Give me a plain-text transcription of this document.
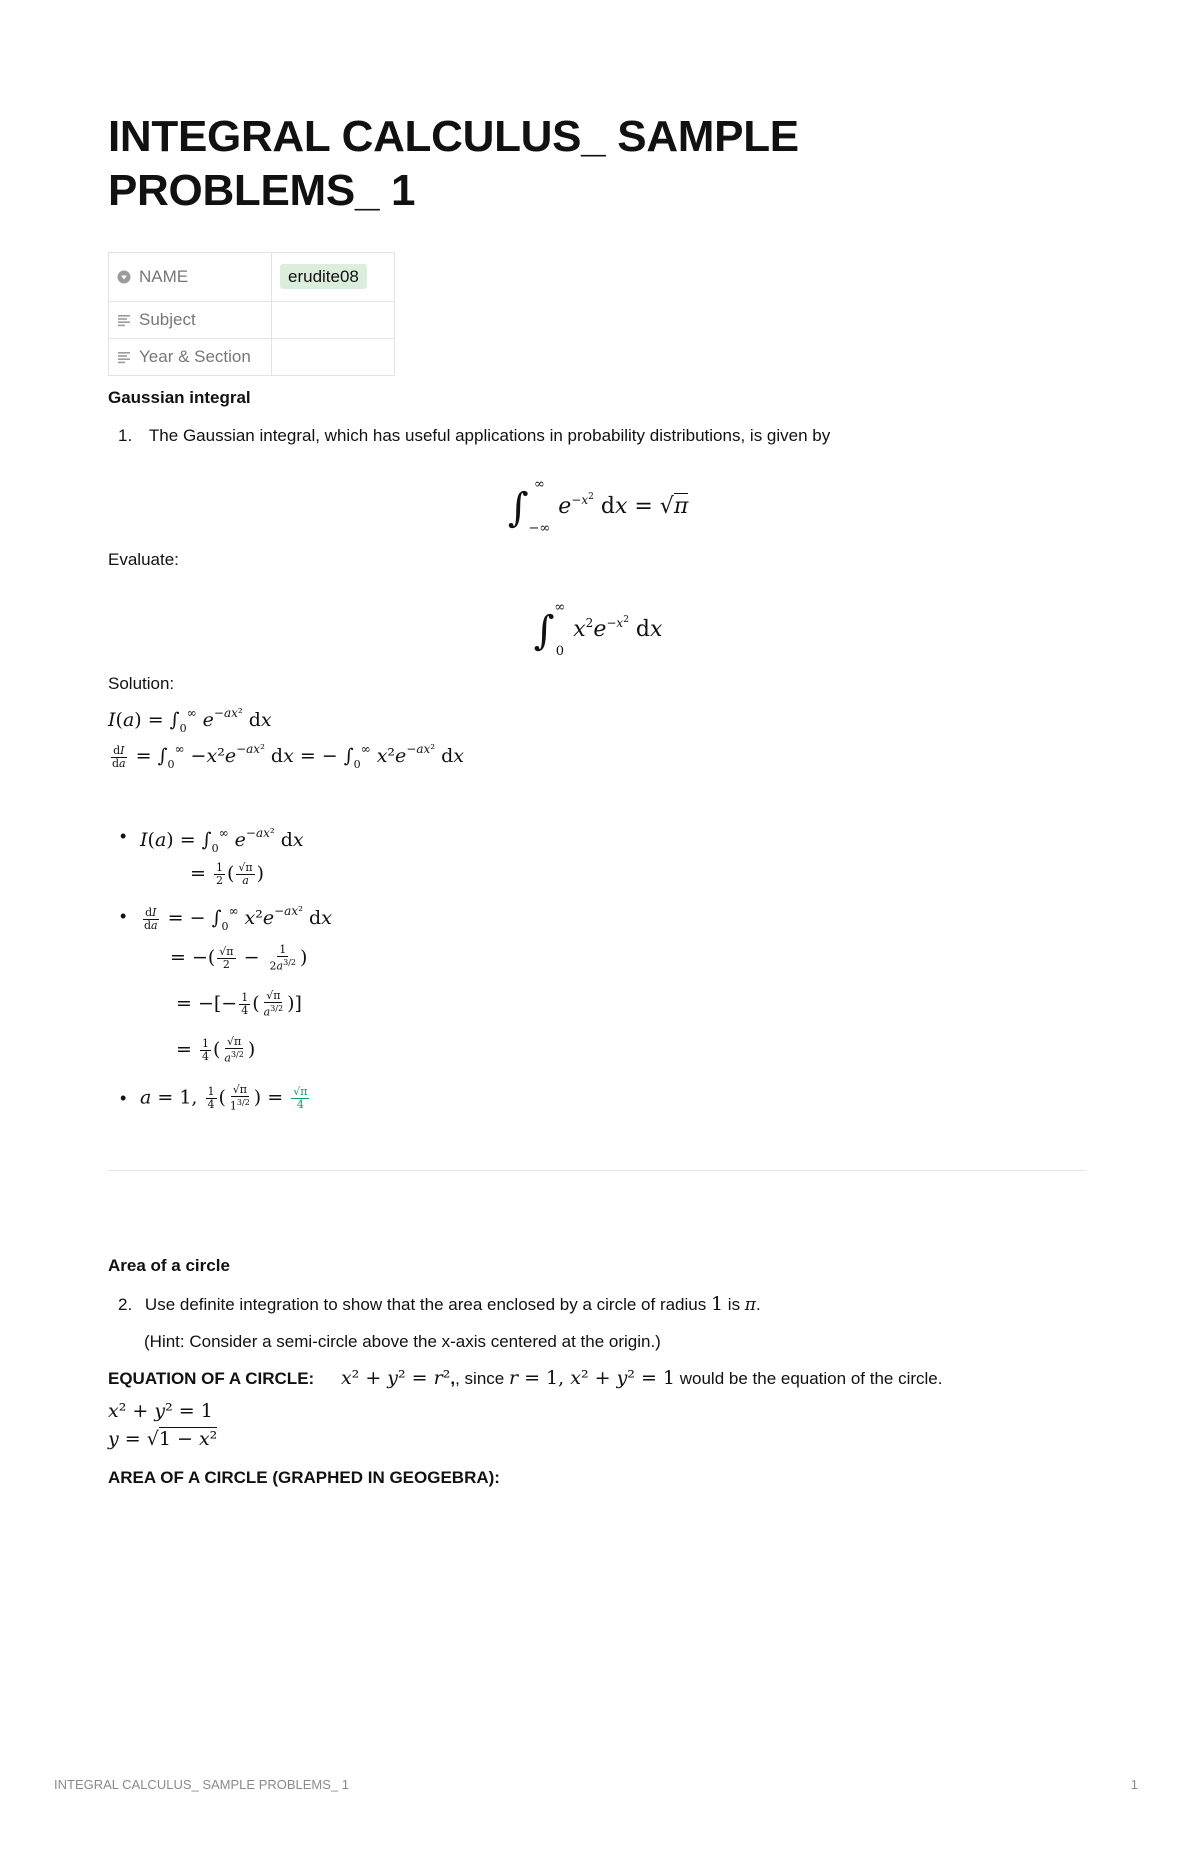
INTEGRAL CALCULUS_ SAMPLE PROBLEMS_ 1
NAME	erudite08
Subject	
Year & Section	
Gaussian integral
1. The Gaussian integral, which has useful applications in probability distributions, is given by
∫
∞
−∞
$e^{-x^2}$ dx = √π
Evaluate:
∫
∞
0
$x^2e^{-x^2}$ dx
Solution:
$I(a) = \int_0^\infty$ $e^{-ax^2}$ dx
$\frac{dI}{da} = \int_0^\infty -x^2e^{-ax^2}$ dx = − $\int_0^\infty$ $x^2e^{-ax^2}$ dx
• $I(a) = \int_0^\infty$ $e^{-ax^2}$ dx
= $\frac{1}{2}$ ( $\frac{√\pi}{a}$ )
• $\frac{dI}{da}$ = − $\int_0^\infty$ $x^2e^{-ax^2}$ dx
= −( $\frac{√\pi}{2} - \frac{1}{2a^{3/2}}$ )
= −[− $\frac{1}{4}$ ( $\frac{√\pi}{a^{3/2}}$ )]
= $\frac{1}{4}$ ( $\frac{√\pi}{a^{3/2}}$ )
• a = 1, $\frac{1}{4}$ ( $\frac{√\pi}{1^{3/2}}$ ) = $\frac{√\pi}{4}$
Area of a circle
2. Use definite integration to show that the area enclosed by a circle of radius 1 is π.
(Hint: Consider a semi-circle above the x-axis centered at the origin.)
EQUATION OF A CIRCLE: x² + y² = r²,, since r = 1, x² + y² = 1 would be the equation of the circle.
x² + y² = 1
y = √1 − x²
AREA OF A CIRCLE (GRAPHED IN GEOGEBRA):
INTEGRAL CALCULUS_ SAMPLE PROBLEMS_ 1	1
